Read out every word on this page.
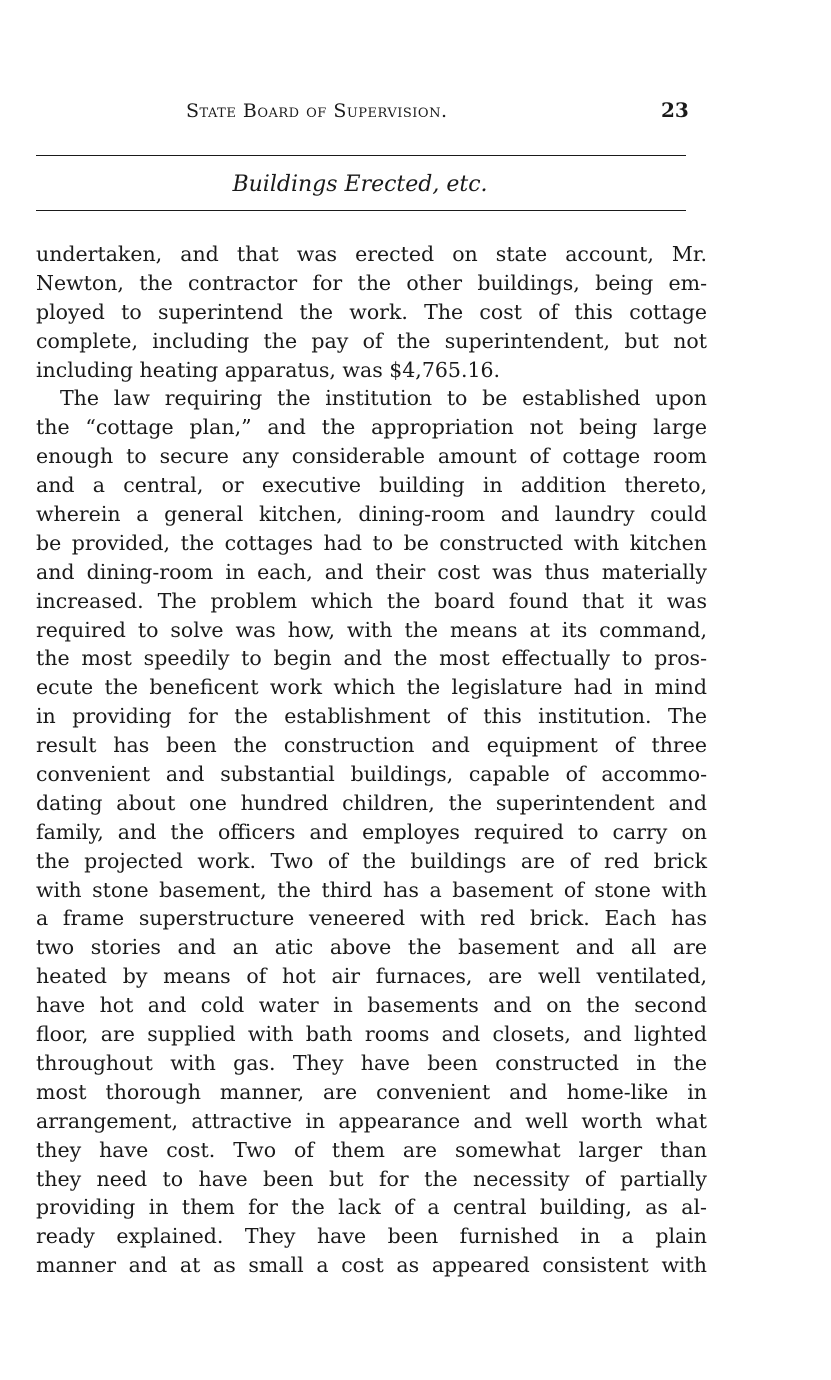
State Board of Supervision.	23
Buildings Erected, etc.
undertaken, and that was erected on state account, Mr.
Newton, the contractor for the other buildings, being em-
ployed to superintend the work. The cost of this cottage
complete, including the pay of the superintendent, but not
including heating apparatus, was $4,765.16.
The law requiring the institution to be established upon
the “cottage plan,” and the appropriation not being large
enough to secure any considerable amount of cottage room
and a central, or executive building in addition thereto,
wherein a general kitchen, dining-room and laundry could
be provided, the cottages had to be constructed with kitchen
and dining-room in each, and their cost was thus materially
increased. The problem which the board found that it was
required to solve was how, with the means at its command,
the most speedily to begin and the most effectually to pros-
ecute the beneficent work which the legislature had in mind
in providing for the establishment of this institution. The
result has been the construction and equipment of three
convenient and substantial buildings, capable of accommo-
dating about one hundred children, the superintendent and
family, and the officers and employes required to carry on
the projected work. Two of the buildings are of red brick
with stone basement, the third has a basement of stone with
a frame superstructure veneered with red brick. Each has
two stories and an atic above the basement and all are
heated by means of hot air furnaces, are well ventilated,
have hot and cold water in basements and on the second
floor, are supplied with bath rooms and closets, and lighted
throughout with gas. They have been constructed in the
most thorough manner, are convenient and home-like in
arrangement, attractive in appearance and well worth what
they have cost. Two of them are somewhat larger than
they need to have been but for the necessity of partially
providing in them for the lack of a central building, as al-
ready explained. They have been furnished in a plain
manner and at as small a cost as appeared consistent with
